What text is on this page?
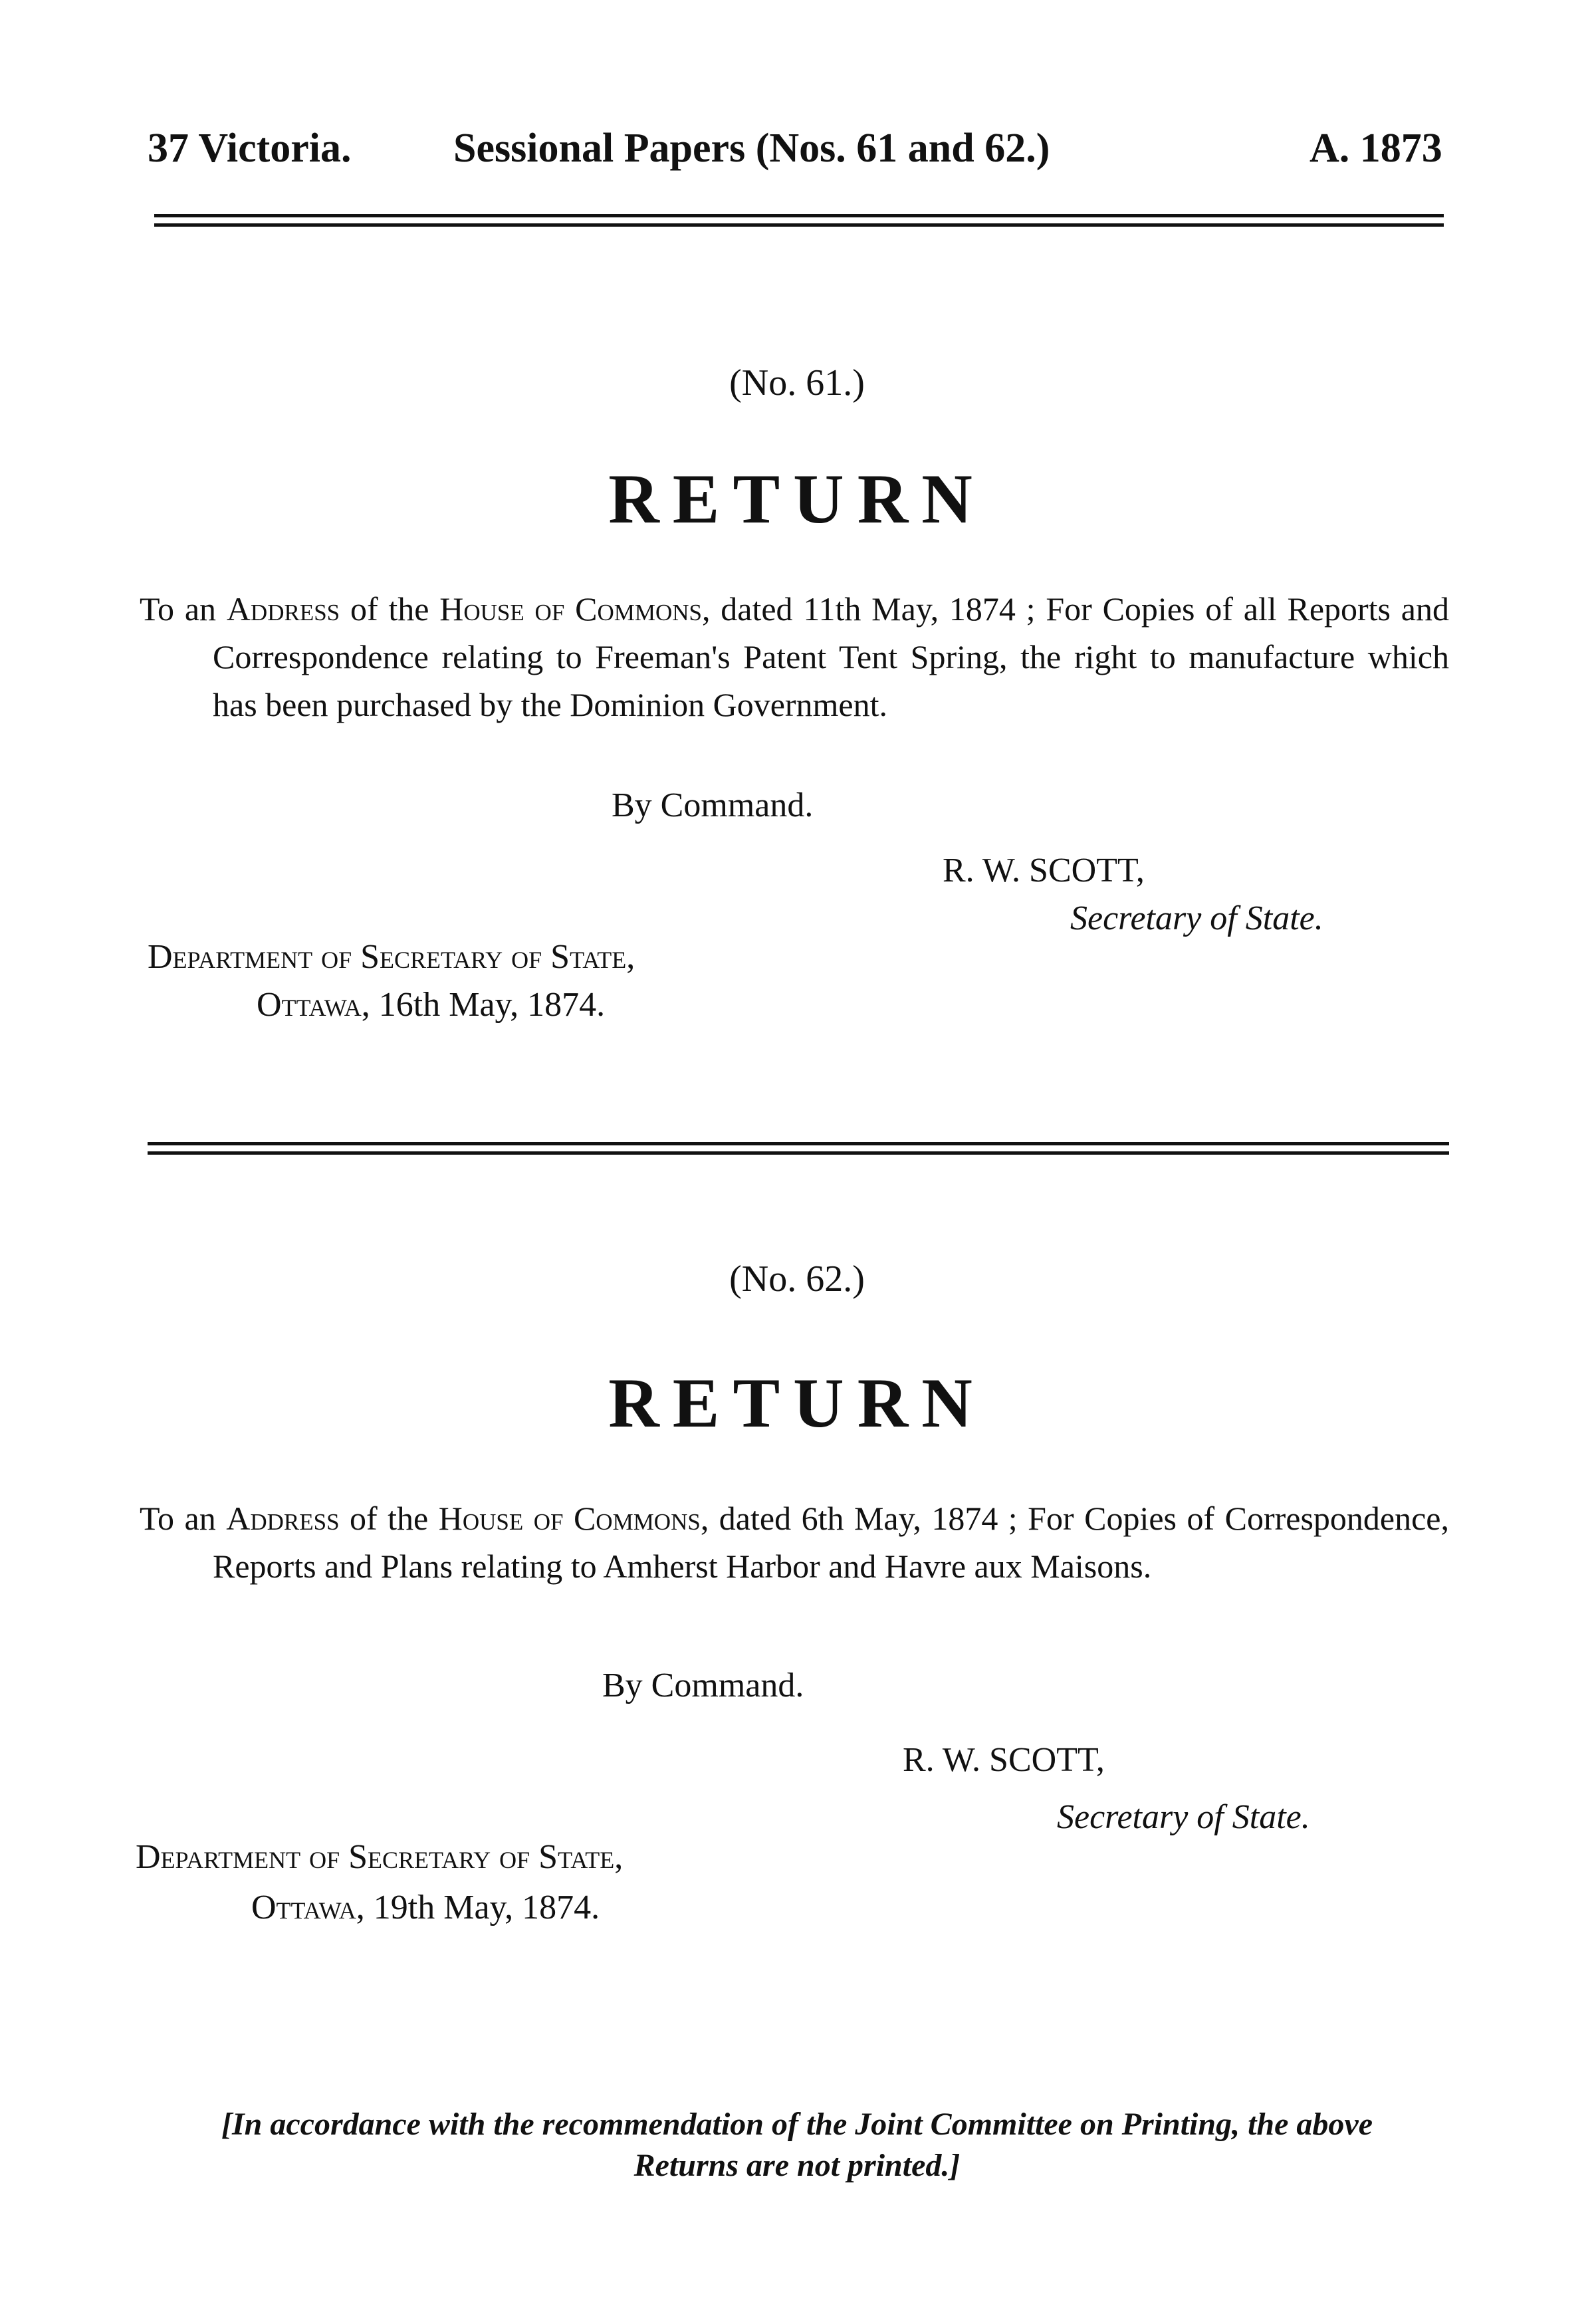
37 Victoria. Sessional Papers (Nos. 61 and 62.)	A. 1873
(No. 61.)
RETURN
To an Address of the House of Commons, dated 11th May, 1874 ; For Copies of all Reports and Correspondence relating to Freeman's Patent Tent Spring, the right to manufacture which has been purchased by the Dominion Government.
By Command.
R. W. SCOTT,
Secretary of State.
Department of Secretary of State,
Ottawa, 16th May, 1874.
(No. 62.)
RETURN
To an Address of the House of Commons, dated 6th May, 1874 ; For Copies of Correspondence, Reports and Plans relating to Amherst Harbor and Havre aux Maisons.
By Command.
R. W. SCOTT,
Secretary of State.
Department of Secretary of State,
Ottawa, 19th May, 1874.
[In accordance with the recommendation of the Joint Committee on Printing, the above
Returns are not printed.]
